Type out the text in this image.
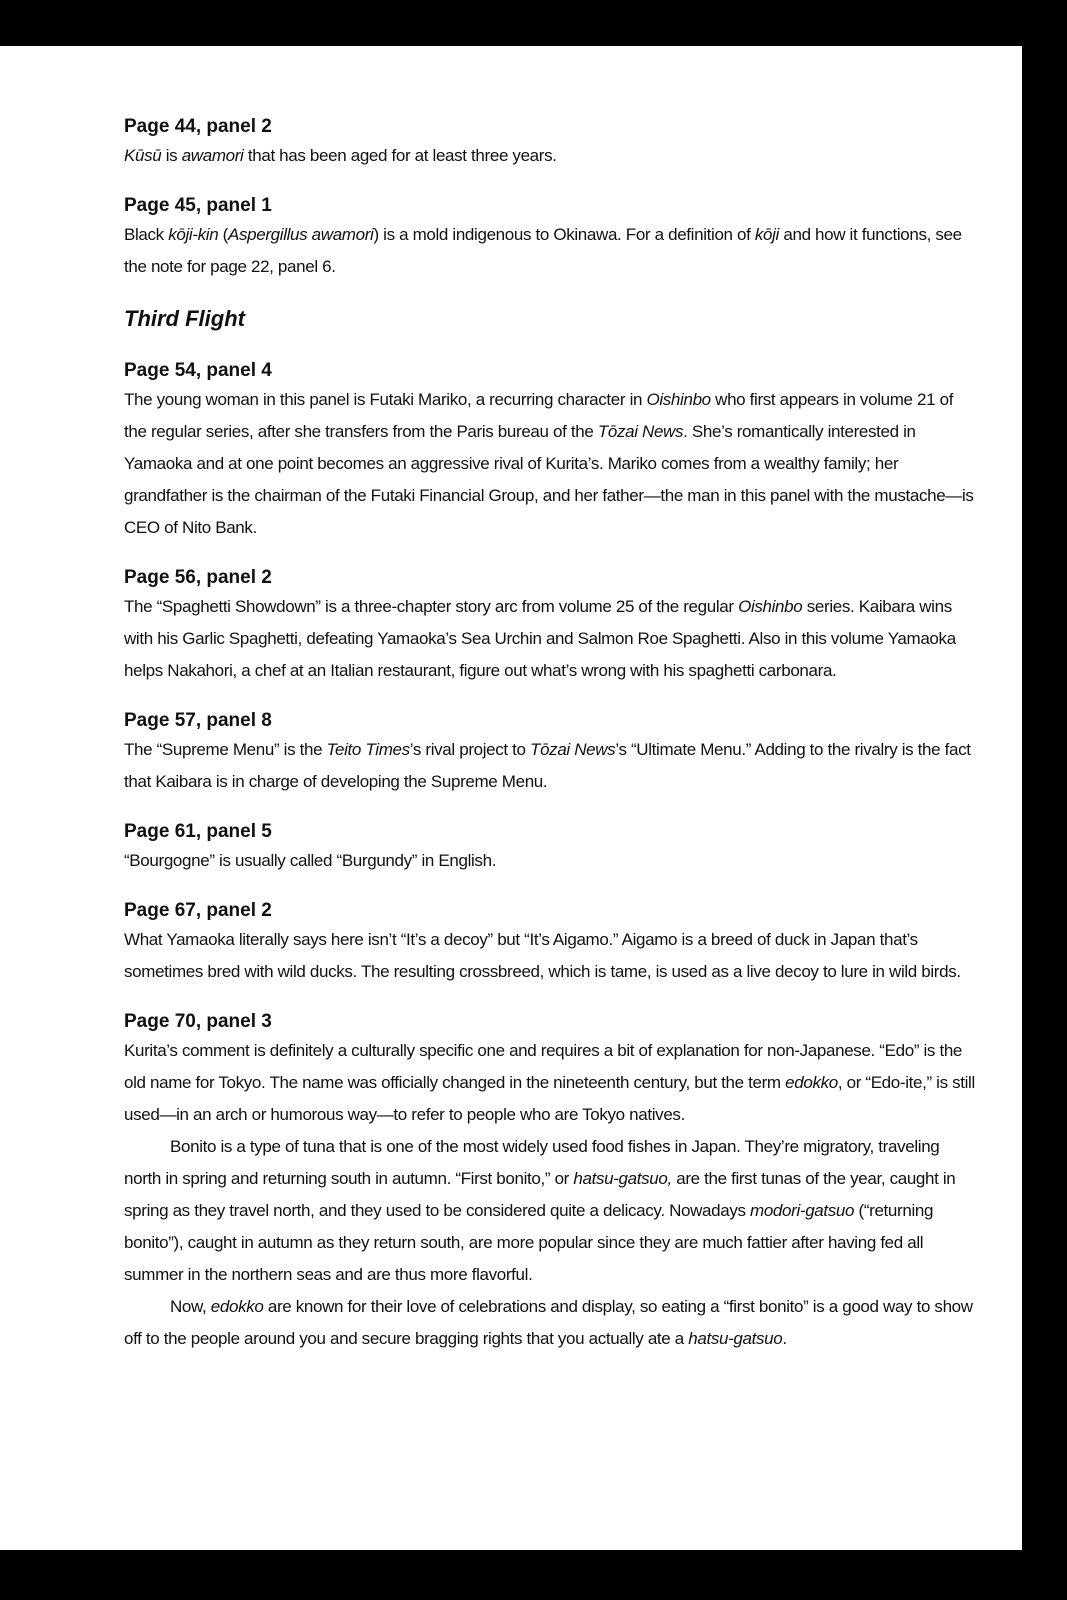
Page 44, panel 2
Kūsū is awamori that has been aged for at least three years.
Page 45, panel 1
Black kōji-kin (Aspergillus awamori) is a mold indigenous to Okinawa. For a definition of kōji and how it functions, see the note for page 22, panel 6.
Third Flight
Page 54, panel 4
The young woman in this panel is Futaki Mariko, a recurring character in Oishinbo who first appears in volume 21 of the regular series, after she transfers from the Paris bureau of the Tōzai News. She’s romantically interested in Yamaoka and at one point becomes an aggressive rival of Kurita’s. Mariko comes from a wealthy family; her grandfather is the chairman of the Futaki Financial Group, and her father—the man in this panel with the mustache—is CEO of Nito Bank.
Page 56, panel 2
The “Spaghetti Showdown” is a three-chapter story arc from volume 25 of the regular Oishinbo series. Kaibara wins with his Garlic Spaghetti, defeating Yamaoka’s Sea Urchin and Salmon Roe Spaghetti. Also in this volume Yamaoka helps Nakahori, a chef at an Italian restaurant, figure out what’s wrong with his spaghetti carbonara.
Page 57, panel 8
The “Supreme Menu” is the Teito Times’s rival project to Tōzai News’s “Ultimate Menu.” Adding to the rivalry is the fact that Kaibara is in charge of developing the Supreme Menu.
Page 61, panel 5
“Bourgogne” is usually called “Burgundy” in English.
Page 67, panel 2
What Yamaoka literally says here isn’t “It’s a decoy” but “It’s Aigamo.” Aigamo is a breed of duck in Japan that’s sometimes bred with wild ducks. The resulting crossbreed, which is tame, is used as a live decoy to lure in wild birds.
Page 70, panel 3
Kurita’s comment is definitely a culturally specific one and requires a bit of explanation for non-Japanese. “Edo” is the old name for Tokyo. The name was officially changed in the nineteenth century, but the term edokko, or “Edo-ite,” is still used—in an arch or humorous way—to refer to people who are Tokyo natives.
Bonito is a type of tuna that is one of the most widely used food fishes in Japan. They’re migratory, traveling north in spring and returning south in autumn. “First bonito,” or hatsu-gatsuo, are the first tunas of the year, caught in spring as they travel north, and they used to be considered quite a delicacy. Nowadays modori-gatsuo (“returning bonito”), caught in autumn as they return south, are more popular since they are much fattier after having fed all summer in the northern seas and are thus more flavorful.
Now, edokko are known for their love of celebrations and display, so eating a “first bonito” is a good way to show off to the people around you and secure bragging rights that you actually ate a hatsu-gatsuo.
